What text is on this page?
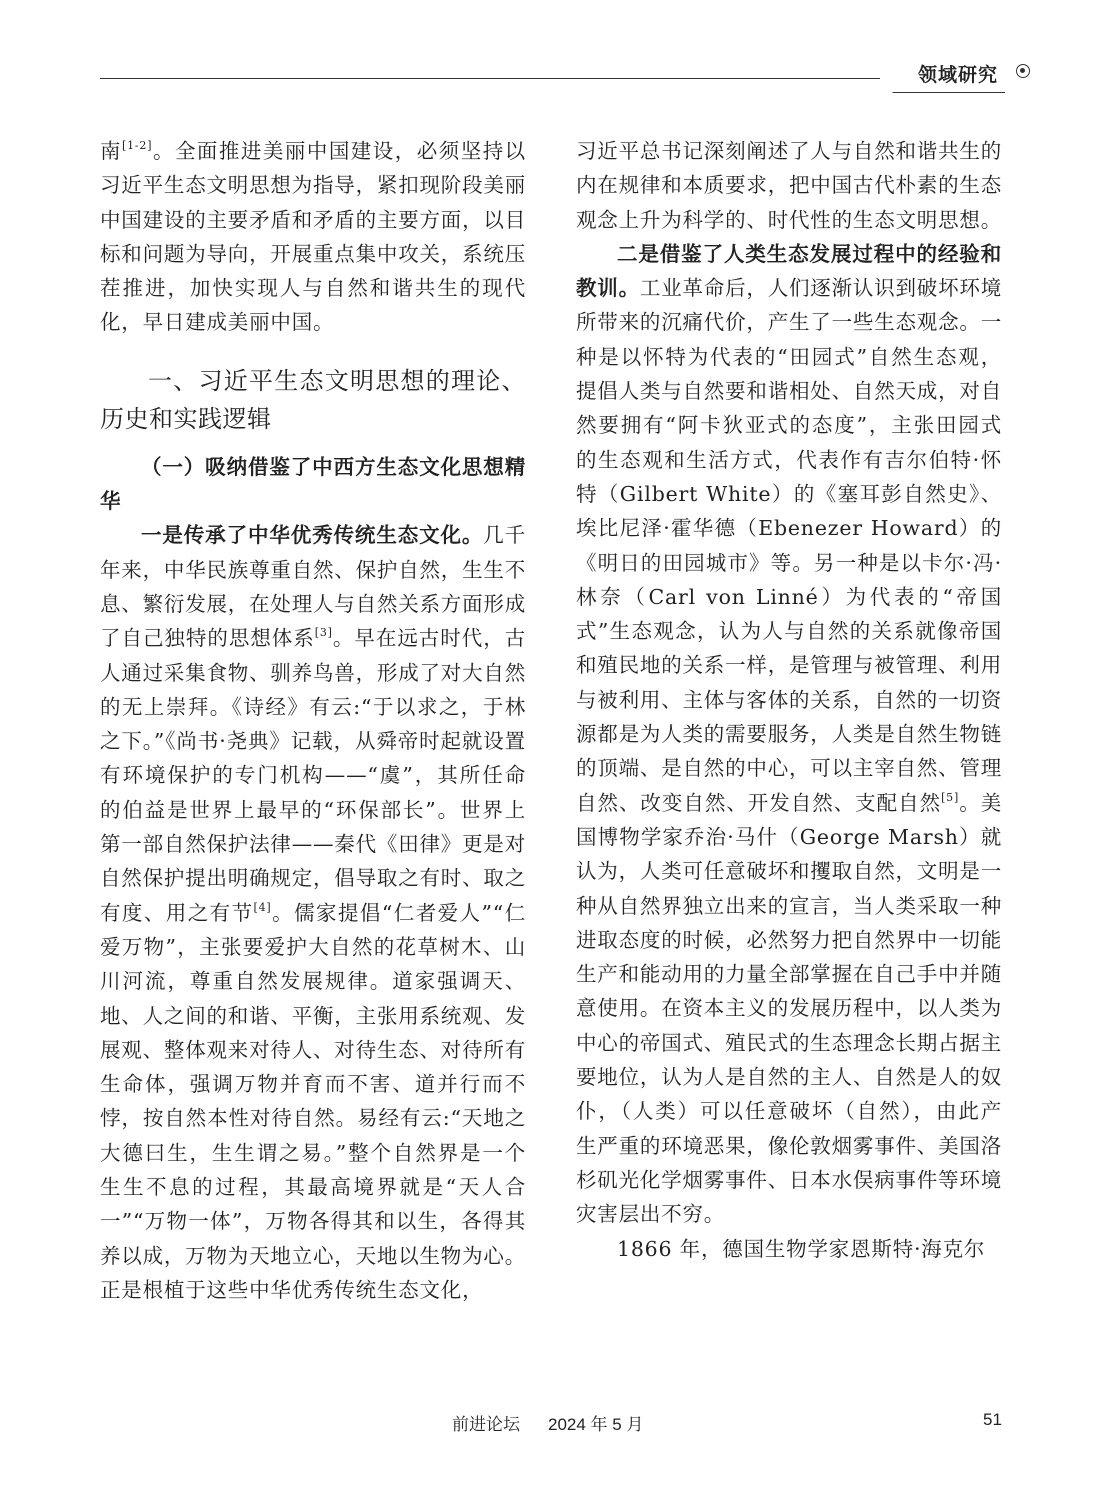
领域研究

南[1-2]。全面推进美丽中国建设，必须坚持以习近平生态文明思想为指导，紧扣现阶段美丽中国建设的主要矛盾和矛盾的主要方面，以目标和问题为导向，开展重点集中攻关，系统压茬推进，加快实现人与自然和谐共生的现代化，早日建成美丽中国。

一、习近平生态文明思想的理论、历史和实践逻辑

（一）吸纳借鉴了中西方生态文化思想精华

一是传承了中华优秀传统生态文化。几千年来，中华民族尊重自然、保护自然，生生不息、繁衍发展，在处理人与自然关系方面形成了自己独特的思想体系[3]。早在远古时代，古人通过采集食物、驯养鸟兽，形成了对大自然的无上崇拜。《诗经》有云:“于以求之，于林之下。”《尚书·尧典》记载，从舜帝时起就设置有环境保护的专门机构——“虞”，其所任命的伯益是世界上最早的“环保部长”。世界上第一部自然保护法律——秦代《田律》更是对自然保护提出明确规定，倡导取之有时、取之有度、用之有节[4]。儒家提倡“仁者爱人”“仁爱万物”，主张要爱护大自然的花草树木、山川河流，尊重自然发展规律。道家强调天、地、人之间的和谐、平衡，主张用系统观、发展观、整体观来对待人、对待生态、对待所有生命体，强调万物并育而不害、道并行而不悖，按自然本性对待自然。易经有云:“天地之大德曰生，生生谓之易。”整个自然界是一个生生不息的过程，其最高境界就是“天人合一”“万物一体”，万物各得其和以生，各得其养以成，万物为天地立心，天地以生物为心。正是根植于这些中华优秀传统生态文化，

习近平总书记深刻阐述了人与自然和谐共生的内在规律和本质要求，把中国古代朴素的生态观念上升为科学的、时代性的生态文明思想。

二是借鉴了人类生态发展过程中的经验和教训。工业革命后，人们逐渐认识到破坏环境所带来的沉痛代价，产生了一些生态观念。一种是以怀特为代表的“田园式”自然生态观，提倡人类与自然要和谐相处、自然天成，对自然要拥有“阿卡狄亚式的态度”，主张田园式的生态观和生活方式，代表作有吉尔伯特·怀特（Gilbert White）的《塞耳彭自然史》、埃比尼泽·霍华德（Ebenezer Howard）的《明日的田园城市》等。另一种是以卡尔·冯·林奈（Carl von Linné）为代表的“帝国式”生态观念，认为人与自然的关系就像帝国和殖民地的关系一样，是管理与被管理、利用与被利用、主体与客体的关系，自然的一切资源都是为人类的需要服务，人类是自然生物链的顶端、是自然的中心，可以主宰自然、管理自然、改变自然、开发自然、支配自然[5]。美国博物学家乔治·马什（George Marsh）就认为，人类可任意破坏和攫取自然，文明是一种从自然界独立出来的宣言，当人类采取一种进取态度的时候，必然努力把自然界中一切能生产和能动用的力量全部掌握在自己手中并随意使用。在资本主义的发展历程中，以人类为中心的帝国式、殖民式的生态理念长期占据主要地位，认为人是自然的主人、自然是人的奴仆，（人类）可以任意破坏（自然），由此产生严重的环境恶果，像伦敦烟雾事件、美国洛杉矶光化学烟雾事件、日本水俣病事件等环境灾害层出不穷。

1866 年，德国生物学家恩斯特·海克尔

前进论坛 2024 年 5 月	51
